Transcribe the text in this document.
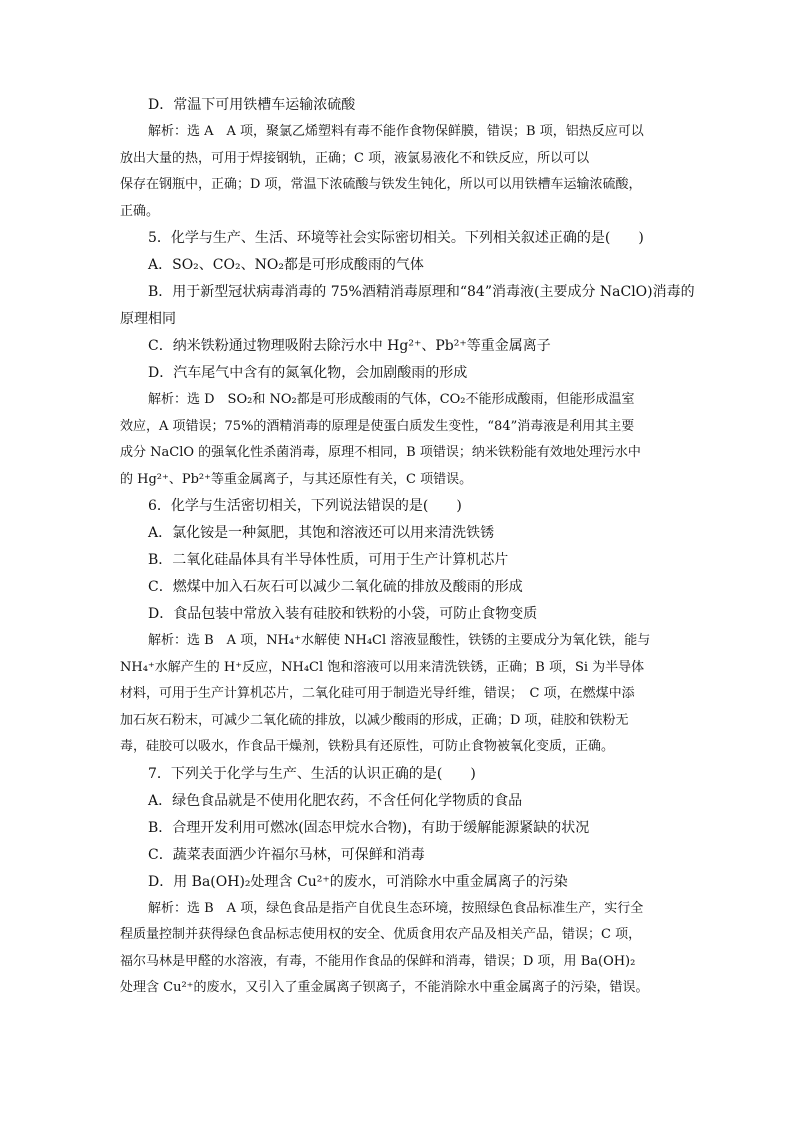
D．常温下可用铁槽车运输浓硫酸
解析：选 A　A 项，聚氯乙烯塑料有毒不能作食物保鲜膜，错误；B 项，铝热反应可以
放出大量的热，可用于焊接钢轨，正确；C 项，液氯易液化不和铁反应，所以可以
保存在钢瓶中，正确；D 项，常温下浓硫酸与铁发生钝化，所以可以用铁槽车运输浓硫酸，
正确。
5．化学与生产、生活、环境等社会实际密切相关。下列相关叙述正确的是(　　)
A．SO₂、CO₂、NO₂都是可形成酸雨的气体
B．用于新型冠状病毒消毒的 75%酒精消毒原理和“84”消毒液(主要成分 NaClO)消毒的
原理相同
C．纳米铁粉通过物理吸附去除污水中 Hg²⁺、Pb²⁺等重金属离子
D．汽车尾气中含有的氮氧化物，会加剧酸雨的形成
解析：选 D　SO₂和 NO₂都是可形成酸雨的气体，CO₂不能形成酸雨，但能形成温室
效应，A 项错误；75%的酒精消毒的原理是使蛋白质发生变性，“84”消毒液是利用其主要
成分 NaClO 的强氧化性杀菌消毒，原理不相同，B 项错误；纳米铁粉能有效地处理污水中
的 Hg²⁺、Pb²⁺等重金属离子，与其还原性有关，C 项错误。
6．化学与生活密切相关，下列说法错误的是(　　)
A．氯化铵是一种氮肥，其饱和溶液还可以用来清洗铁锈
B．二氧化硅晶体具有半导体性质，可用于生产计算机芯片
C．燃煤中加入石灰石可以减少二氧化硫的排放及酸雨的形成
D．食品包装中常放入装有硅胶和铁粉的小袋，可防止食物变质
解析：选 B　A 项，NH₄⁺水解使 NH₄Cl 溶液显酸性，铁锈的主要成分为氧化铁，能与
NH₄⁺水解产生的 H⁺反应，NH₄Cl 饱和溶液可以用来清洗铁锈，正确；B 项，Si 为半导体
材料，可用于生产计算机芯片，二氧化硅可用于制造光导纤维，错误；　C 项，在燃煤中添
加石灰石粉末，可减少二氧化硫的排放，以减少酸雨的形成，正确；D 项，硅胶和铁粉无
毒，硅胶可以吸水，作食品干燥剂，铁粉具有还原性，可防止食物被氧化变质，正确。
7．下列关于化学与生产、生活的认识正确的是(　　)
A．绿色食品就是不使用化肥农药，不含任何化学物质的食品
B．合理开发利用可燃冰(固态甲烷水合物)，有助于缓解能源紧缺的状况
C．蔬菜表面洒少许福尔马林，可保鲜和消毒
D．用 Ba(OH)₂处理含 Cu²⁺的废水，可消除水中重金属离子的污染
解析：选 B　A 项，绿色食品是指产自优良生态环境，按照绿色食品标准生产，实行全
程质量控制并获得绿色食品标志使用权的安全、优质食用农产品及相关产品，错误；C 项，
福尔马林是甲醛的水溶液，有毒，不能用作食品的保鲜和消毒，错误；D 项，用 Ba(OH)₂
处理含 Cu²⁺的废水，又引入了重金属离子钡离子，不能消除水中重金属离子的污染，错误。
